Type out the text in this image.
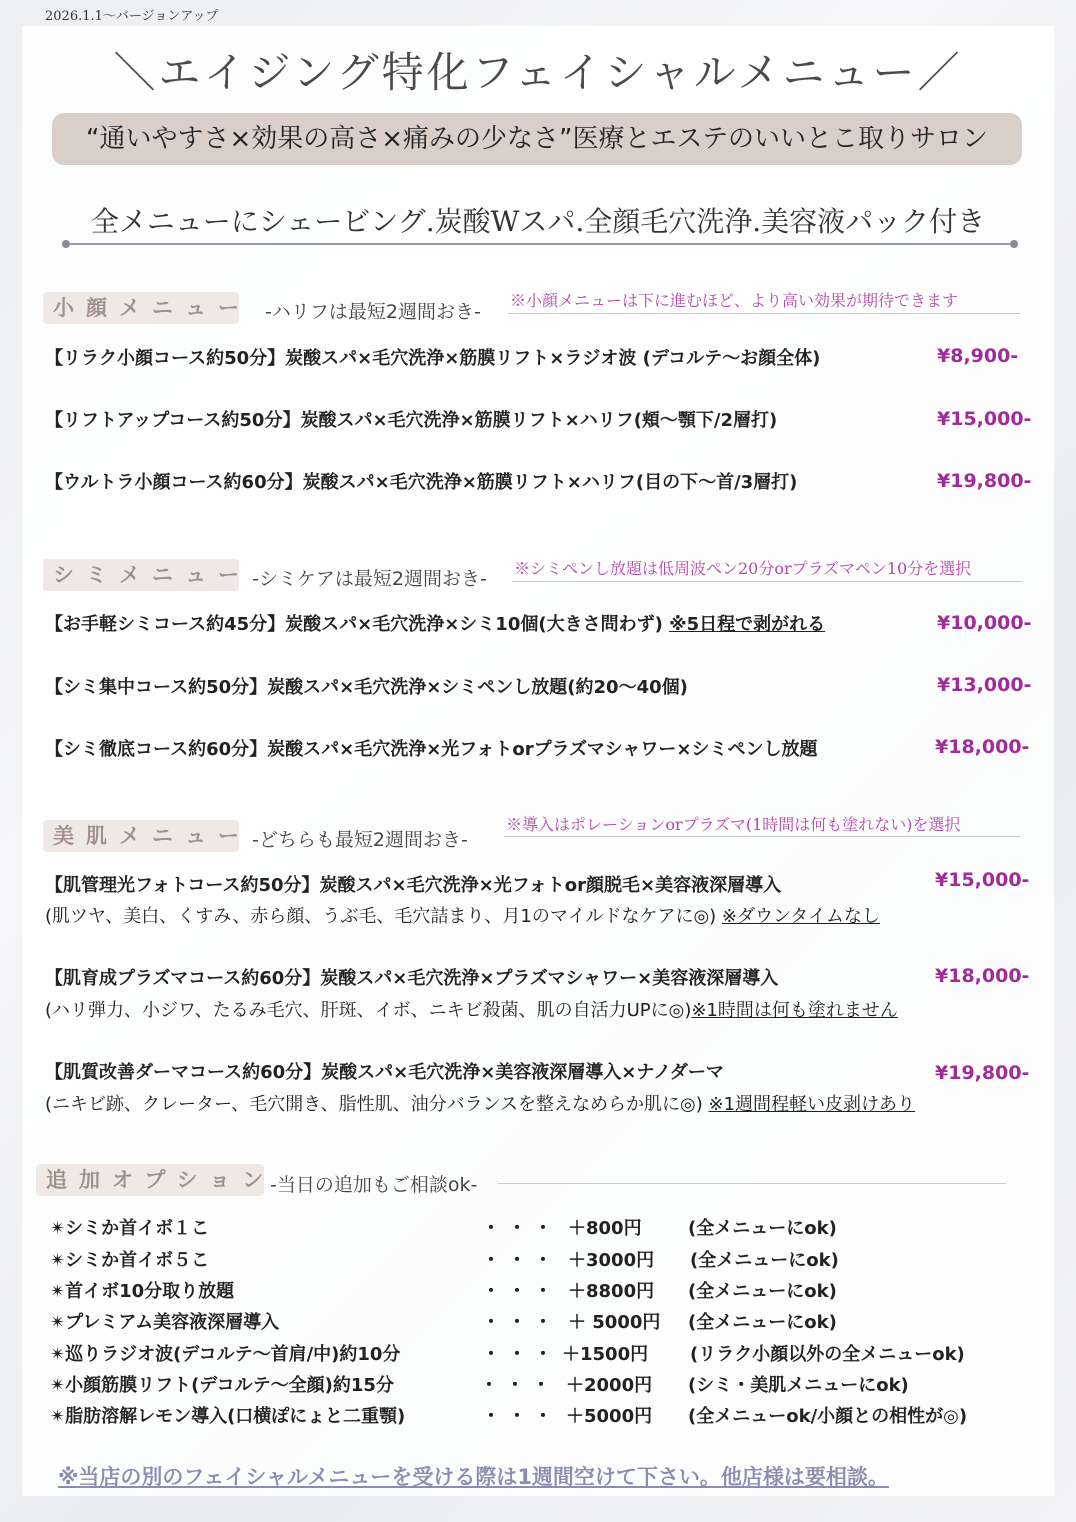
2026.1.1〜バージョンアップ
＼エイジング特化フェイシャルメニュー／
“通いやすさ×効果の高さ×痛みの少なさ”医療とエステのいいとこ取りサロン
全メニューにシェービング.炭酸Wスパ.全顔毛穴洗浄.美容液パック付き
小顔メニュー -ハリフは最短2週間おき-
※小顔メニューは下に進むほど、より高い効果が期待できます
【リラク小顔コース約50分】炭酸スパ×毛穴洗浄×筋膜リフト×ラジオ波 (デコルテ〜お顔全体)	¥8,900-
【リフトアップコース約50分】炭酸スパ×毛穴洗浄×筋膜リフト×ハリフ(頬〜顎下/2層打)	¥15,000-
【ウルトラ小顔コース約60分】炭酸スパ×毛穴洗浄×筋膜リフト×ハリフ(目の下〜首/3層打)	¥19,800-
シミメニュー -シミケアは最短2週間おき- ※シミペンし放題は低周波ペン20分orプラズマペン10分を選択
【お手軽シミコース約45分】炭酸スパ×毛穴洗浄×シミ10個(大きさ問わず) ※5日程で剥がれる	¥10,000-
【シミ集中コース約50分】炭酸スパ×毛穴洗浄×シミペンし放題(約20〜40個)	¥13,000-
【シミ徹底コース約60分】炭酸スパ×毛穴洗浄×光フォトorプラズマシャワー×シミペンし放題	¥18,000-
美肌メニュー -どちらも最短2週間おき-
※導入はポレーションorプラズマ(1時間は何も塗れない)を選択
【肌管理光フォトコース約50分】炭酸スパ×毛穴洗浄×光フォトor顔脱毛×美容液深層導入	¥15,000-
(肌ツヤ、美白、くすみ、赤ら顔、うぶ毛、毛穴詰まり、月1のマイルドなケアに◎) ※ダウンタイムなし
【肌育成プラズマコース約60分】炭酸スパ×毛穴洗浄×プラズマシャワー×美容液深層導入	¥18,000-
(ハリ弾力、小ジワ、たるみ毛穴、肝斑、イボ、ニキビ殺菌、肌の自活力UPに◎)※1時間は何も塗れません
【肌質改善ダーマコース約60分】炭酸スパ×毛穴洗浄×美容液深層導入×ナノダーマ	¥19,800-
(ニキビ跡、クレーター、毛穴開き、脂性肌、油分バランスを整えなめらか肌に◎) ※1週間程軽い皮剥けあり
追加オプション
-当日の追加もご相談ok-
✴シミか首イボ１こ	・・・ ＋800円	(全メニューにok)
✴シミか首イボ５こ	・・・ ＋3000円 (全メニューにok)
✴首イボ10分取り放題	・・・ ＋8800円 (全メニューにok)
✴プレミアム美容液深層導入	・・・ ＋ 5000円 (全メニューにok)
✴巡りラジオ波(デコルテ〜首肩/中)約10分	・・・ ＋1500円 (リラク小顔以外の全メニューok)
✴小顔筋膜リフト(デコルテ〜全顔)約15分	・・・ ＋2000円 (シミ・美肌メニューにok)
✴脂肪溶解レモン導入(口横ぽにょと二重顎)	・・・ ＋5000円 (全メニューok/小顔との相性が◎)
※当店の別のフェイシャルメニューを受ける際は1週間空けて下さい。他店様は要相談。
